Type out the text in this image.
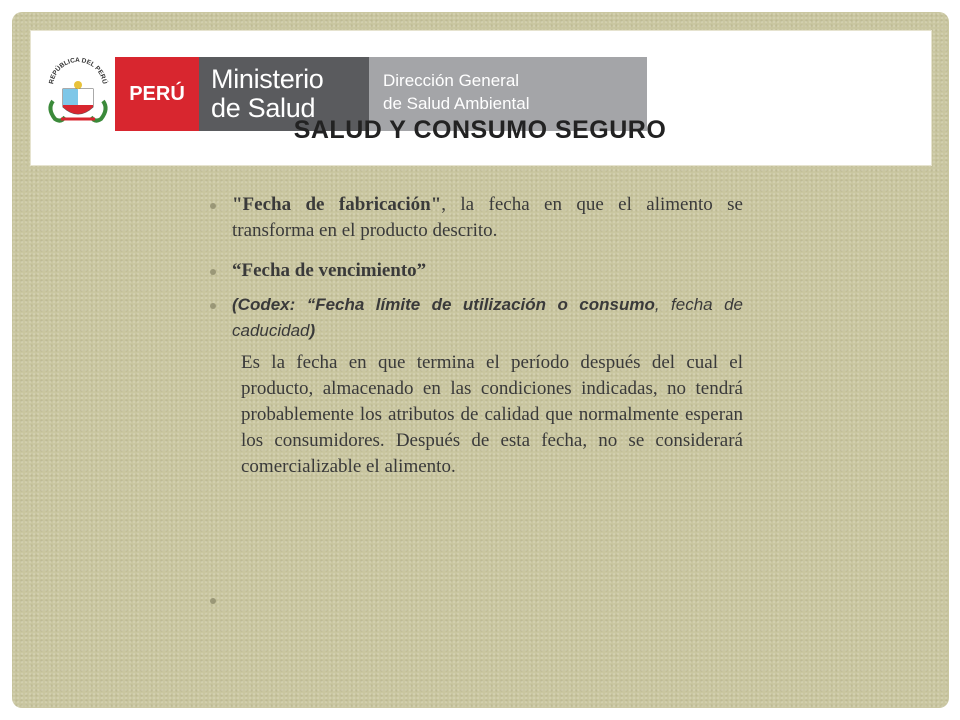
REPÚBLICA DEL PERÚ
PERÚ Ministerio
de Salud
Dirección General
de Salud Ambiental
SALUD Y CONSUMO SEGURO
"Fecha de fabricación", la fecha en que el alimento se transforma en el producto descrito.
“Fecha de vencimiento”
(Codex: “Fecha límite de utilización o consumo, fecha de caducidad)
Es la fecha en que termina el período después del cual el producto, almacenado en las condiciones indicadas, no tendrá probablemente los atributos de calidad que normalmente esperan los consumidores. Después de esta fecha, no se considerará comercializable el alimento.
